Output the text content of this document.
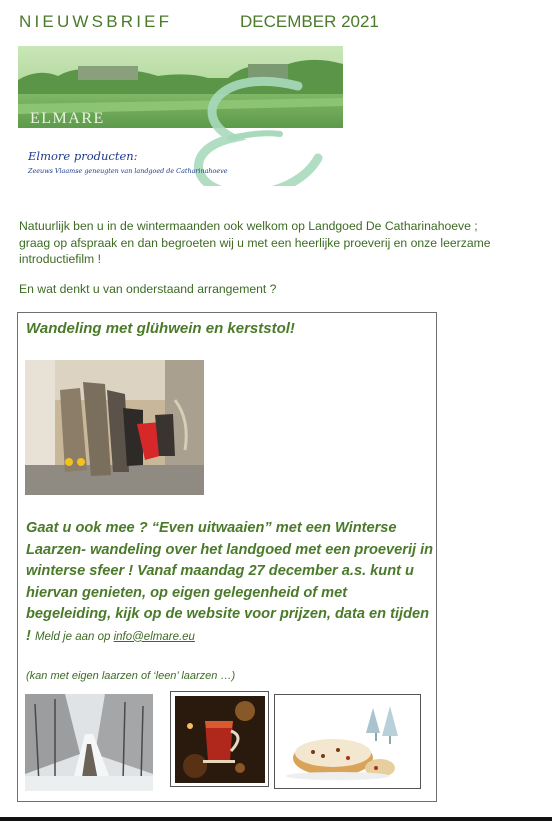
NIEUWSBRIEF	DECEMBER 2021
ELMARE
Elmore producten:
Zeeuws Vlaamse geneugten van landgoed de Catharinahoeve

Natuurlijk ben u in de wintermaanden ook welkom op Landgoed De Catharinahoeve ;

graag op afspraak en dan begroeten wij u met een heerlijke proeverij en onze leerzame

introductiefilm !

En wat denkt u van onderstaand arrangement ?
Wandeling met glühwein en kerststol!
Gaat u ook mee ? “Even uitwaaien” met een Winterse Laarzen- wandeling over het landgoed met een proeverij in winterse sfeer ! Vanaf maandag 27 december a.s. kunt u hiervan genieten, op eigen gelegenheid of met begeleiding, kijk op de website voor prijzen, data en tijden ! Meld je aan op info@elmare.eu
(kan met eigen laarzen of ‘leen’ laarzen …)
